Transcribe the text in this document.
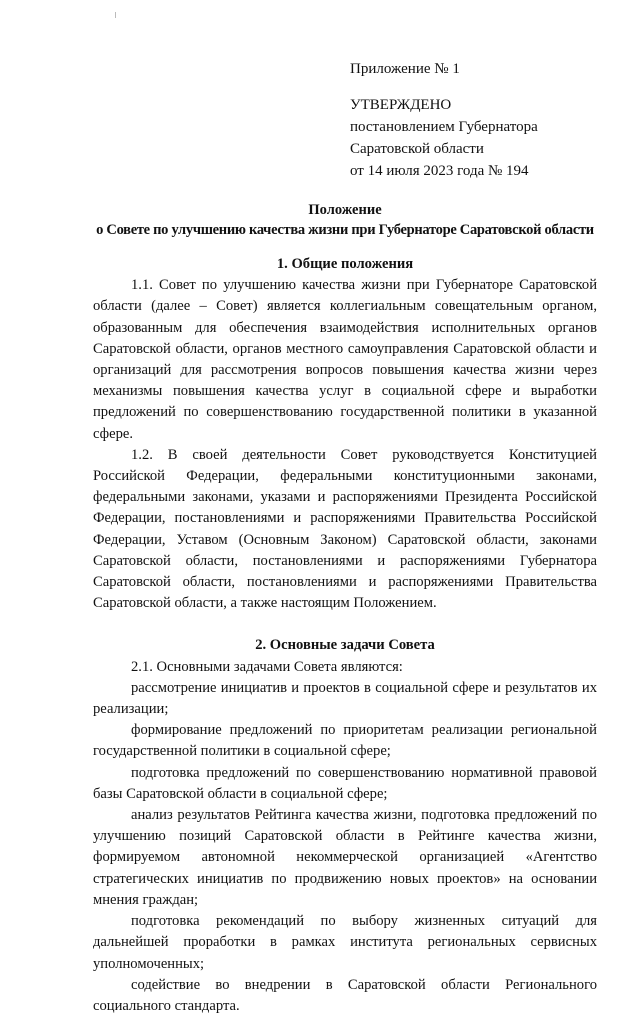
Приложение № 1
УТВЕРЖДЕНО
постановлением Губернатора
Саратовской области
от 14 июля 2023 года № 194
Положение
о Совете по улучшению качества жизни при Губернаторе Саратовской области
1. Общие положения

1.1. Совет по улучшению качества жизни при Губернаторе Саратовской области (далее – Совет) является коллегиальным совещательным органом, образованным для обеспечения взаимодействия исполнительных органов Саратовской области, органов местного самоуправления Саратовской области и организаций для рассмотрения вопросов повышения качества жизни через механизмы повышения качества услуг в социальной сфере и выработки предложений по совершенствованию государственной политики в указанной сфере.

1.2. В своей деятельности Совет руководствуется Конституцией Российской Федерации, федеральными конституционными законами, федеральными законами, указами и распоряжениями Президента Российской Федерации, постановлениями и распоряжениями Правительства Российской Федерации, Уставом (Основным Законом) Саратовской области, законами Саратовской области, постановлениями и распоряжениями Губернатора Саратовской области, постановлениями и распоряжениями Правительства Саратовской области, а также настоящим Положением.

2. Основные задачи Совета

2.1. Основными задачами Совета являются:

рассмотрение инициатив и проектов в социальной сфере и результатов их реализации;

формирование предложений по приоритетам реализации региональной государственной политики в социальной сфере;

подготовка предложений по совершенствованию нормативной правовой базы Саратовской области в социальной сфере;

анализ результатов Рейтинга качества жизни, подготовка предложений по улучшению позиций Саратовской области в Рейтинге качества жизни, формируемом автономной некоммерческой организацией «Агентство стратегических инициатив по продвижению новых проектов» на основании мнения граждан;

подготовка рекомендаций по выбору жизненных ситуаций для дальнейшей проработки в рамках института региональных сервисных уполномоченных;

содействие во внедрении в Саратовской области Регионального социального стандарта.
